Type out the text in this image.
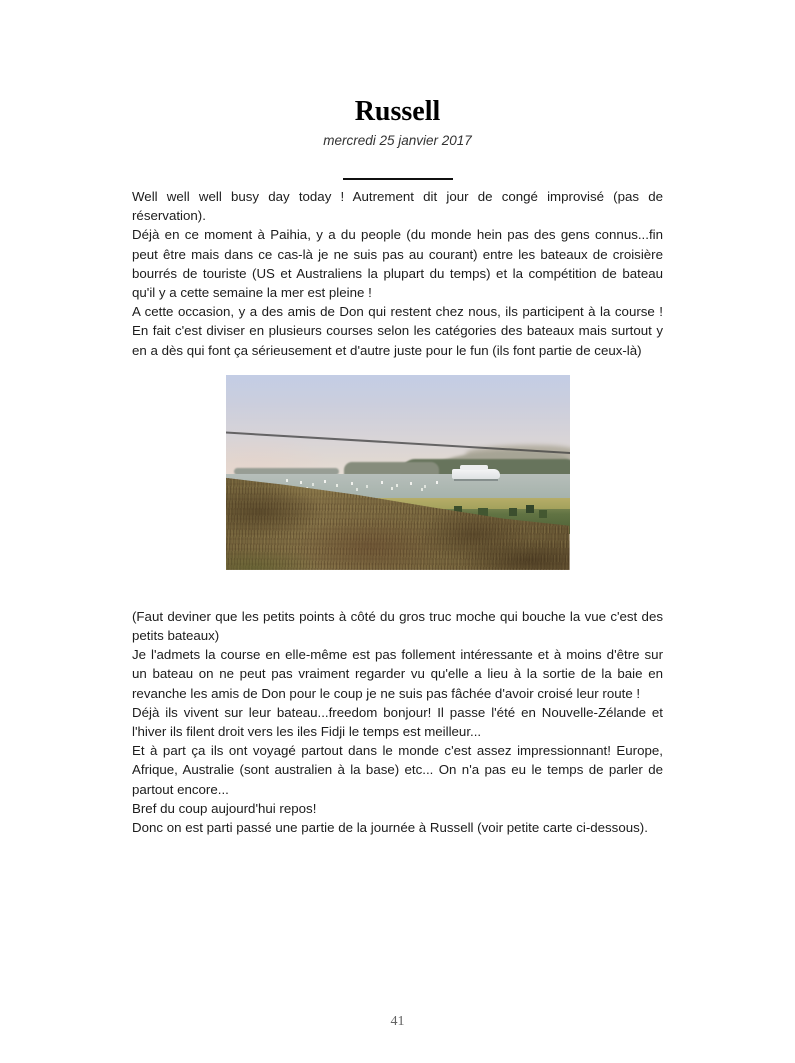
Russell
mercredi 25 janvier 2017

Well well well busy day today ! Autrement dit jour de congé improvisé (pas de réservation).

Déjà en ce moment à Paihia, y a du people (du monde hein pas des gens connus...fin peut être mais dans ce cas-là je ne suis pas au courant) entre les bateaux de croisière bourrés de touriste (US et Australiens la plupart du temps) et la compétition de bateau qu'il y a cette semaine la mer est pleine !

A cette occasion, y a des amis de Don qui restent chez nous, ils participent à la course ! En fait c'est diviser en plusieurs courses selon les catégories des bateaux mais surtout y en a dès qui font ça sérieusement et d'autre juste pour le fun (ils font partie de ceux-là)

(Faut deviner que les petits points à côté du gros truc moche qui bouche la vue c'est des petits bateaux)

Je l'admets la course en elle-même est pas follement intéressante et à moins d'être sur un bateau on ne peut pas vraiment regarder vu qu'elle a lieu à la sortie de la baie en revanche les amis de Don pour le coup je ne suis pas fâchée d'avoir croisé leur route !

Déjà ils vivent sur leur bateau...freedom bonjour! Il passe l'été en Nouvelle-Zélande et l'hiver ils filent droit vers les iles Fidji le temps est meilleur...

Et à part ça ils ont voyagé partout dans le monde c'est assez impressionnant! Europe, Afrique, Australie (sont australien à la base) etc... On n'a pas eu le temps de parler de partout encore...

Bref du coup aujourd'hui repos!

Donc on est parti passé une partie de la journée à Russell (voir petite carte ci-dessous).

41
